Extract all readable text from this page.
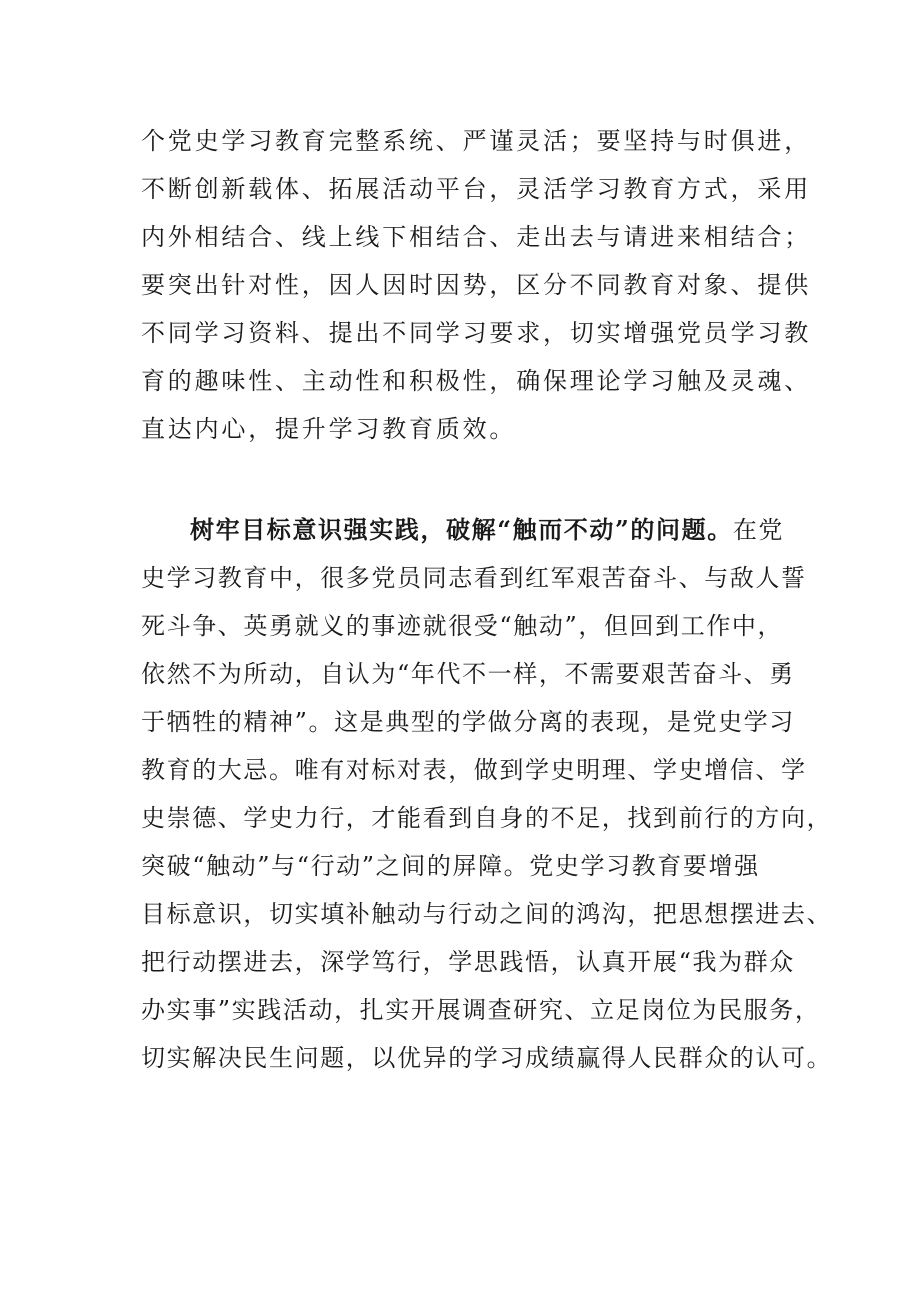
个党史学习教育完整系统、严谨灵活；要坚持与时俱进，
不断创新载体、拓展活动平台，灵活学习教育方式，采用
内外相结合、线上线下相结合、走出去与请进来相结合；
要突出针对性，因人因时因势，区分不同教育对象、提供
不同学习资料、提出不同学习要求，切实增强党员学习教
育的趣味性、主动性和积极性，确保理论学习触及灵魂、
直达内心，提升学习教育质效。
树牢目标意识强实践，破解“触而不动”的问题。在党
史学习教育中，很多党员同志看到红军艰苦奋斗、与敌人誓
死斗争、英勇就义的事迹就很受“触动”，但回到工作中，
依然不为所动，自认为“年代不一样，不需要艰苦奋斗、勇
于牺牲的精神”。这是典型的学做分离的表现，是党史学习
教育的大忌。唯有对标对表，做到学史明理、学史增信、学
史崇德、学史力行，才能看到自身的不足，找到前行的方向，
突破“触动”与“行动”之间的屏障。党史学习教育要增强
目标意识，切实填补触动与行动之间的鸿沟，把思想摆进去、
把行动摆进去，深学笃行，学思践悟，认真开展“我为群众
办实事”实践活动，扎实开展调查研究、立足岗位为民服务，
切实解决民生问题，以优异的学习成绩赢得人民群众的认可。
